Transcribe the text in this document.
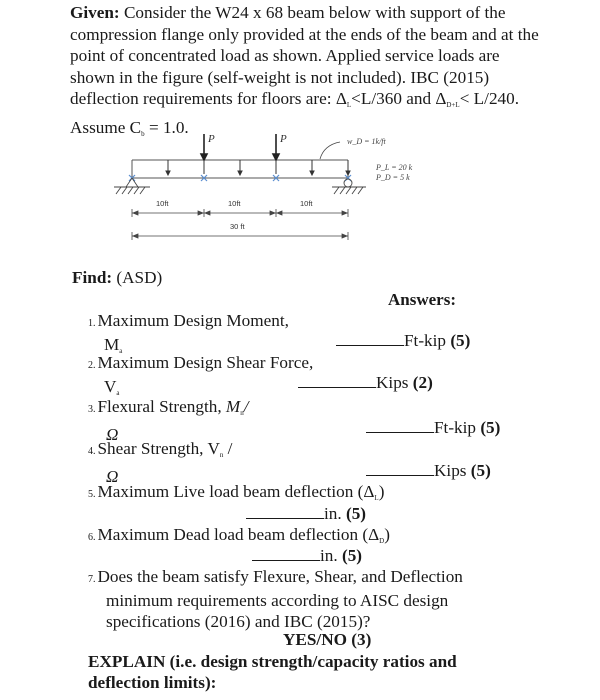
Given: Consider the W24 x 68 beam below with support of the compression flange only provided at the ends of the beam and at the point of concentrated load as shown. Applied service loads are shown in the figure (self-weight is not included). IBC (2015) deflection requirements for floors are: $\Delta_L<L/360$ and $\Delta_{D+L}< L/240$. Assume $C_b = 1.0$.
P	P	w_D = 1k/ft
P_L = 20 k
P_D = 5 k
10ft	10ft	10ft
30 ft
Find: (ASD)
Answers:
1. Maximum Design Moment,
$M_a$
Ft-kip (5)
2. Maximum Design Shear Force,
$V_a$
Kips (2)
3. Flexural Strength, $M_n/$
Ω	Ft-kip (5)
4. Shear Strength, $V_n$ /
Ω	Kips (5)
5. Maximum Live load beam deflection $(\Delta_L)$
in. (5)
6. Maximum Dead load beam deflection $(\Delta_D)$
in. (5)
7. Does the beam satisfy Flexure, Shear, and Deflection
minimum requirements according to AISC design
specifications (2016) and IBC (2015)?
YES/NO (3)
EXPLAIN (i.e. design strength/capacity ratios and deflection limits):
